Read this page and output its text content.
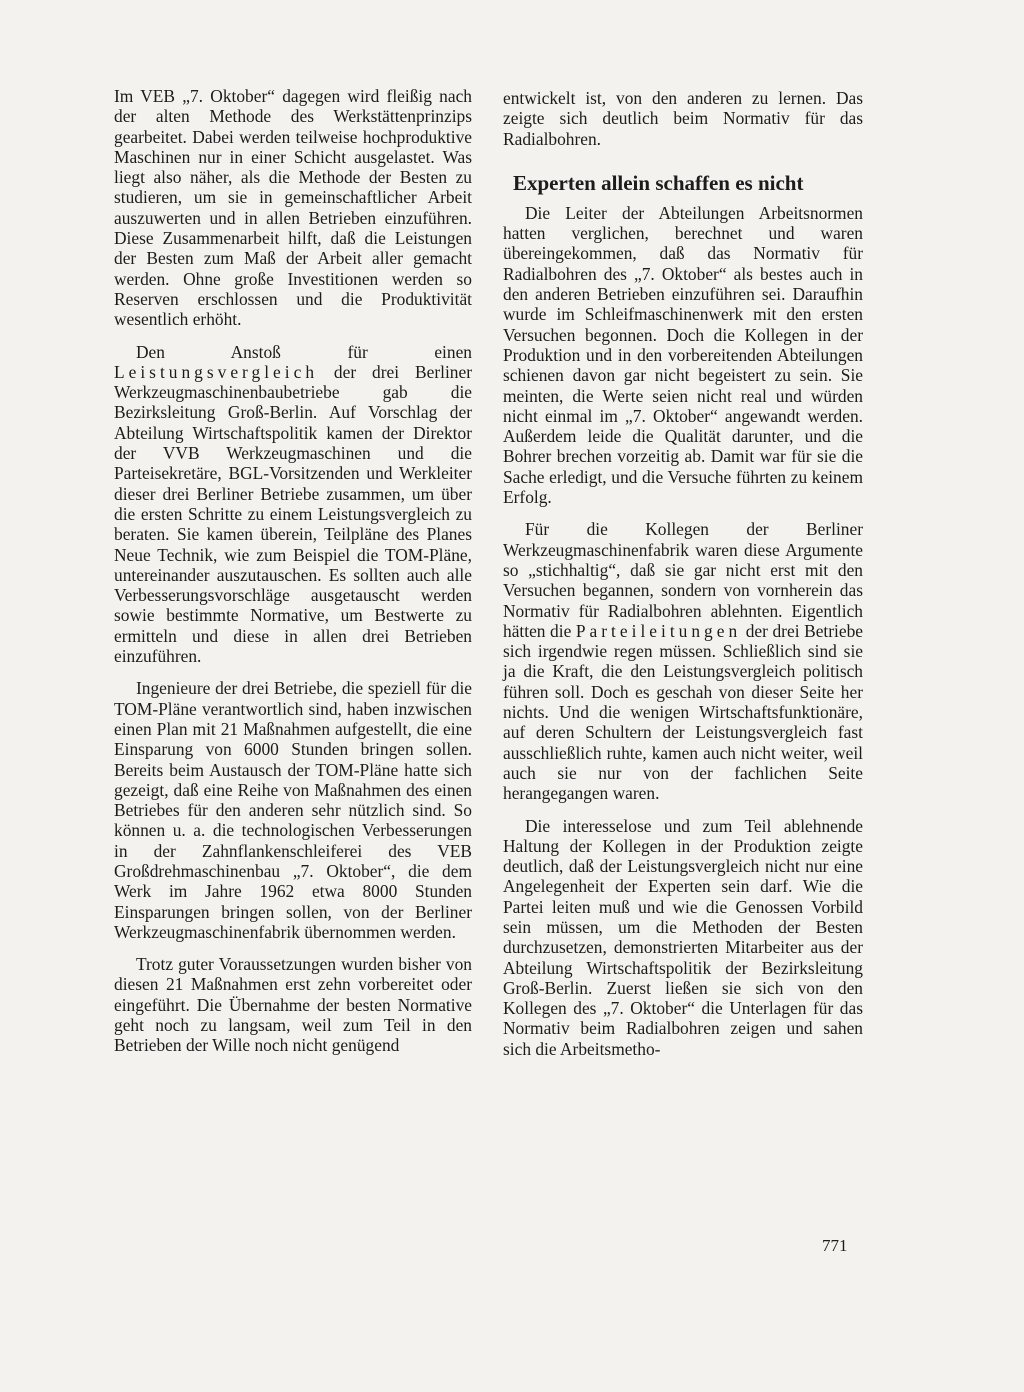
Im VEB „7. Oktober“ dagegen wird fleißig nach der alten Methode des Werkstättenprinzips gearbeitet. Dabei werden teilweise hochproduktive Maschinen nur in einer Schicht ausgelastet. Was liegt also näher, als die Methode der Besten zu studieren, um sie in gemeinschaftlicher Arbeit auszuwerten und in allen Betrieben einzuführen. Diese Zusammenarbeit hilft, daß die Leistungen der Besten zum Maß der Arbeit aller gemacht werden. Ohne große Investitionen werden so Reserven erschlossen und die Produktivität wesentlich erhöht.

Den Anstoß für einen Leistungsvergleich der drei Berliner Werkzeugmaschinenbaubetriebe gab die Bezirksleitung Groß-Berlin. Auf Vorschlag der Abteilung Wirtschaftspolitik kamen der Direktor der VVB Werkzeugmaschinen und die Parteisekretäre, BGL-Vorsitzenden und Werkleiter dieser drei Berliner Betriebe zusammen, um über die ersten Schritte zu einem Leistungsvergleich zu beraten. Sie kamen überein, Teilpläne des Planes Neue Technik, wie zum Beispiel die TOM-Pläne, untereinander auszutauschen. Es sollten auch alle Verbesserungsvorschläge ausgetauscht werden sowie bestimmte Normative, um Bestwerte zu ermitteln und diese in allen drei Betrieben einzuführen.

Ingenieure der drei Betriebe, die speziell für die TOM-Pläne verantwortlich sind, haben inzwischen einen Plan mit 21 Maßnahmen aufgestellt, die eine Einsparung von 6000 Stunden bringen sollen. Bereits beim Austausch der TOM-Pläne hatte sich gezeigt, daß eine Reihe von Maßnahmen des einen Betriebes für den anderen sehr nützlich sind. So können u. a. die technologischen Verbesserungen in der Zahnflankenschleiferei des VEB Großdrehmaschinenbau „7. Oktober“, die dem Werk im Jahre 1962 etwa 8000 Stunden Einsparungen bringen sollen, von der Berliner Werkzeugmaschinenfabrik übernommen werden.

Trotz guter Voraussetzungen wurden bisher von diesen 21 Maßnahmen erst zehn vorbereitet oder eingeführt. Die Übernahme der besten Normative geht noch zu langsam, weil zum Teil in den Betrieben der Wille noch nicht genügend

entwickelt ist, von den anderen zu lernen. Das zeigte sich deutlich beim Normativ für das Radialbohren.

Experten allein schaffen es nicht

Die Leiter der Abteilungen Arbeitsnormen hatten verglichen, berechnet und waren übereingekommen, daß das Normativ für Radialbohren des „7. Oktober“ als bestes auch in den anderen Betrieben einzuführen sei. Daraufhin wurde im Schleifmaschinenwerk mit den ersten Versuchen begonnen. Doch die Kollegen in der Produktion und in den vorbereitenden Abteilungen schienen davon gar nicht begeistert zu sein. Sie meinten, die Werte seien nicht real und würden nicht einmal im „7. Oktober“ angewandt werden. Außerdem leide die Qualität darunter, und die Bohrer brechen vorzeitig ab. Damit war für sie die Sache erledigt, und die Versuche führten zu keinem Erfolg.

Für die Kollegen der Berliner Werkzeugmaschinenfabrik waren diese Argumente so „stichhaltig“, daß sie gar nicht erst mit den Versuchen begannen, sondern von vornherein das Normativ für Radialbohren ablehnten. Eigentlich hätten die Parteileitungen der drei Betriebe sich irgendwie regen müssen. Schließlich sind sie ja die Kraft, die den Leistungsvergleich politisch führen soll. Doch es geschah von dieser Seite her nichts. Und die wenigen Wirtschaftsfunktionäre, auf deren Schultern der Leistungsvergleich fast ausschließlich ruhte, kamen auch nicht weiter, weil auch sie nur von der fachlichen Seite herangegangen waren.

Die interesselose und zum Teil ablehnende Haltung der Kollegen in der Produktion zeigte deutlich, daß der Leistungsvergleich nicht nur eine Angelegenheit der Experten sein darf. Wie die Partei leiten muß und wie die Genossen Vorbild sein müssen, um die Methoden der Besten durchzusetzen, demonstrierten Mitarbeiter aus der Abteilung Wirtschaftspolitik der Bezirksleitung Groß-Berlin. Zuerst ließen sie sich von den Kollegen des „7. Oktober“ die Unterlagen für das Normativ beim Radialbohren zeigen und sahen sich die Arbeitsmetho-

771
